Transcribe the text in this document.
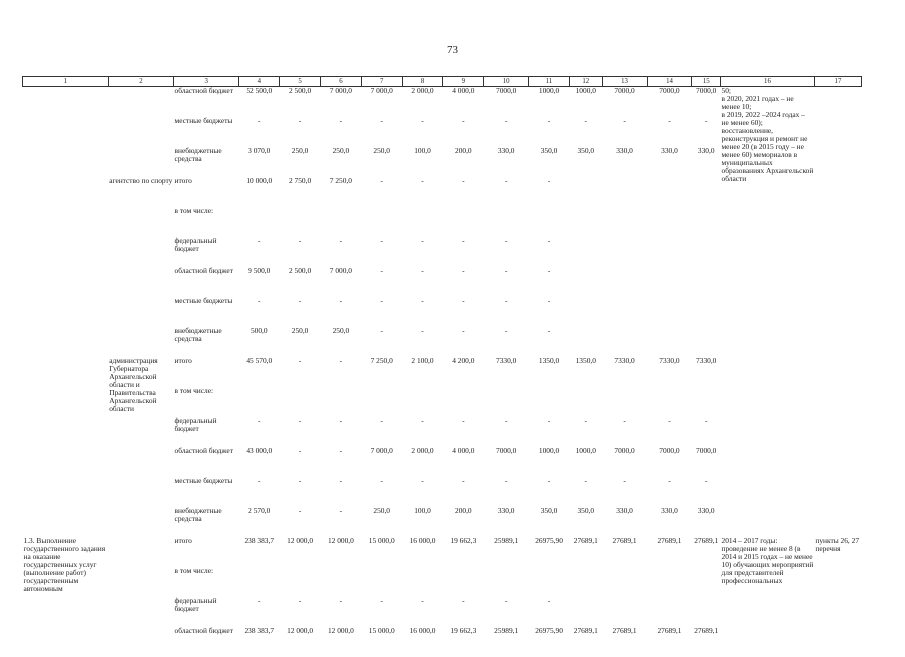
73
1	2	3	4	5	6	7	8	9	10	11	12	13	14	15	16	17
		областной бюджет	52 500,0	2 500,0	7 000,0	7 000,0	2 000,0	4 000,0	7000,0	1000,0	1000,0	7000,0	7000,0	7000,0	50;
в 2020, 2021 годах – не менее 10;
в 2019, 2022 –2024 годах – не менее 60);
восстановление, реконструкция и ремонт не менее 20 (в 2015 году – не менее 60) мемориалов в муниципальных образованиях Архангельской области	
		местные бюджеты	-	-	-	-	-	-	-	-	-	-	-	-		
		внебюджетные средства	3 070,0	250,0	250,0	250,0	100,0	200,0	330,0	350,0	350,0	330,0	330,0	330,0		
	агентство по спорту	итого	10 000,0	2 750,0	7 250,0	-	-	-	-	-						
		в том числе:														
		федеральный бюджет	-	-	-	-	-	-	-	-						
		областной бюджет	9 500,0	2 500,0	7 000,0	-	-	-	-	-						
		местные бюджеты	-	-	-	-	-	-	-	-						
		внебюджетные средства	500,0	250,0	250,0	-	-	-	-	-						
	администрация Губернатора Архангельской области и Правительства Архангельской области	итого	45 570,0	-	-	7 250,0	2 100,0	4 200,0	7330,0	1350,0	1350,0	7330,0	7330,0	7330,0		
		в том числе:														
		федеральный бюджет	-	-	-	-	-	-	-	-	-	-	-	-		
		областной бюджет	43 000,0	-	-	7 000,0	2 000,0	4 000,0	7000,0	1000,0	1000,0	7000,0	7000,0	7000,0		
		местные бюджеты	-	-	-	-	-	-	-	-	-	-	-	-		
		внебюджетные средства	2 570,0	-	-	250,0	100,0	200,0	330,0	350,0	350,0	330,0	330,0	330,0		
1.3. Выполнение государственного задания на оказание государственных услуг (выполнение работ) государственным автономным		итого	238 383,7	12 000,0	12 000,0	15 000,0	16 000,0	19 662,3	25989,1	26975,90	27689,1	27689,1	27689,1	27689,1	2014 – 2017 годы: проведение не менее 8 (в 2014 и 2015 годах – не менее 10) обучающих мероприятий для представителей профессиональных	пункты 26, 27 перечня
		в том числе:														
		федеральный бюджет	-	-	-	-	-	-	-	-						
		областной бюджет	238 383,7	12 000,0	12 000,0	15 000,0	16 000,0	19 662,3	25989,1	26975,90	27689,1	27689,1	27689,1	27689,1		
